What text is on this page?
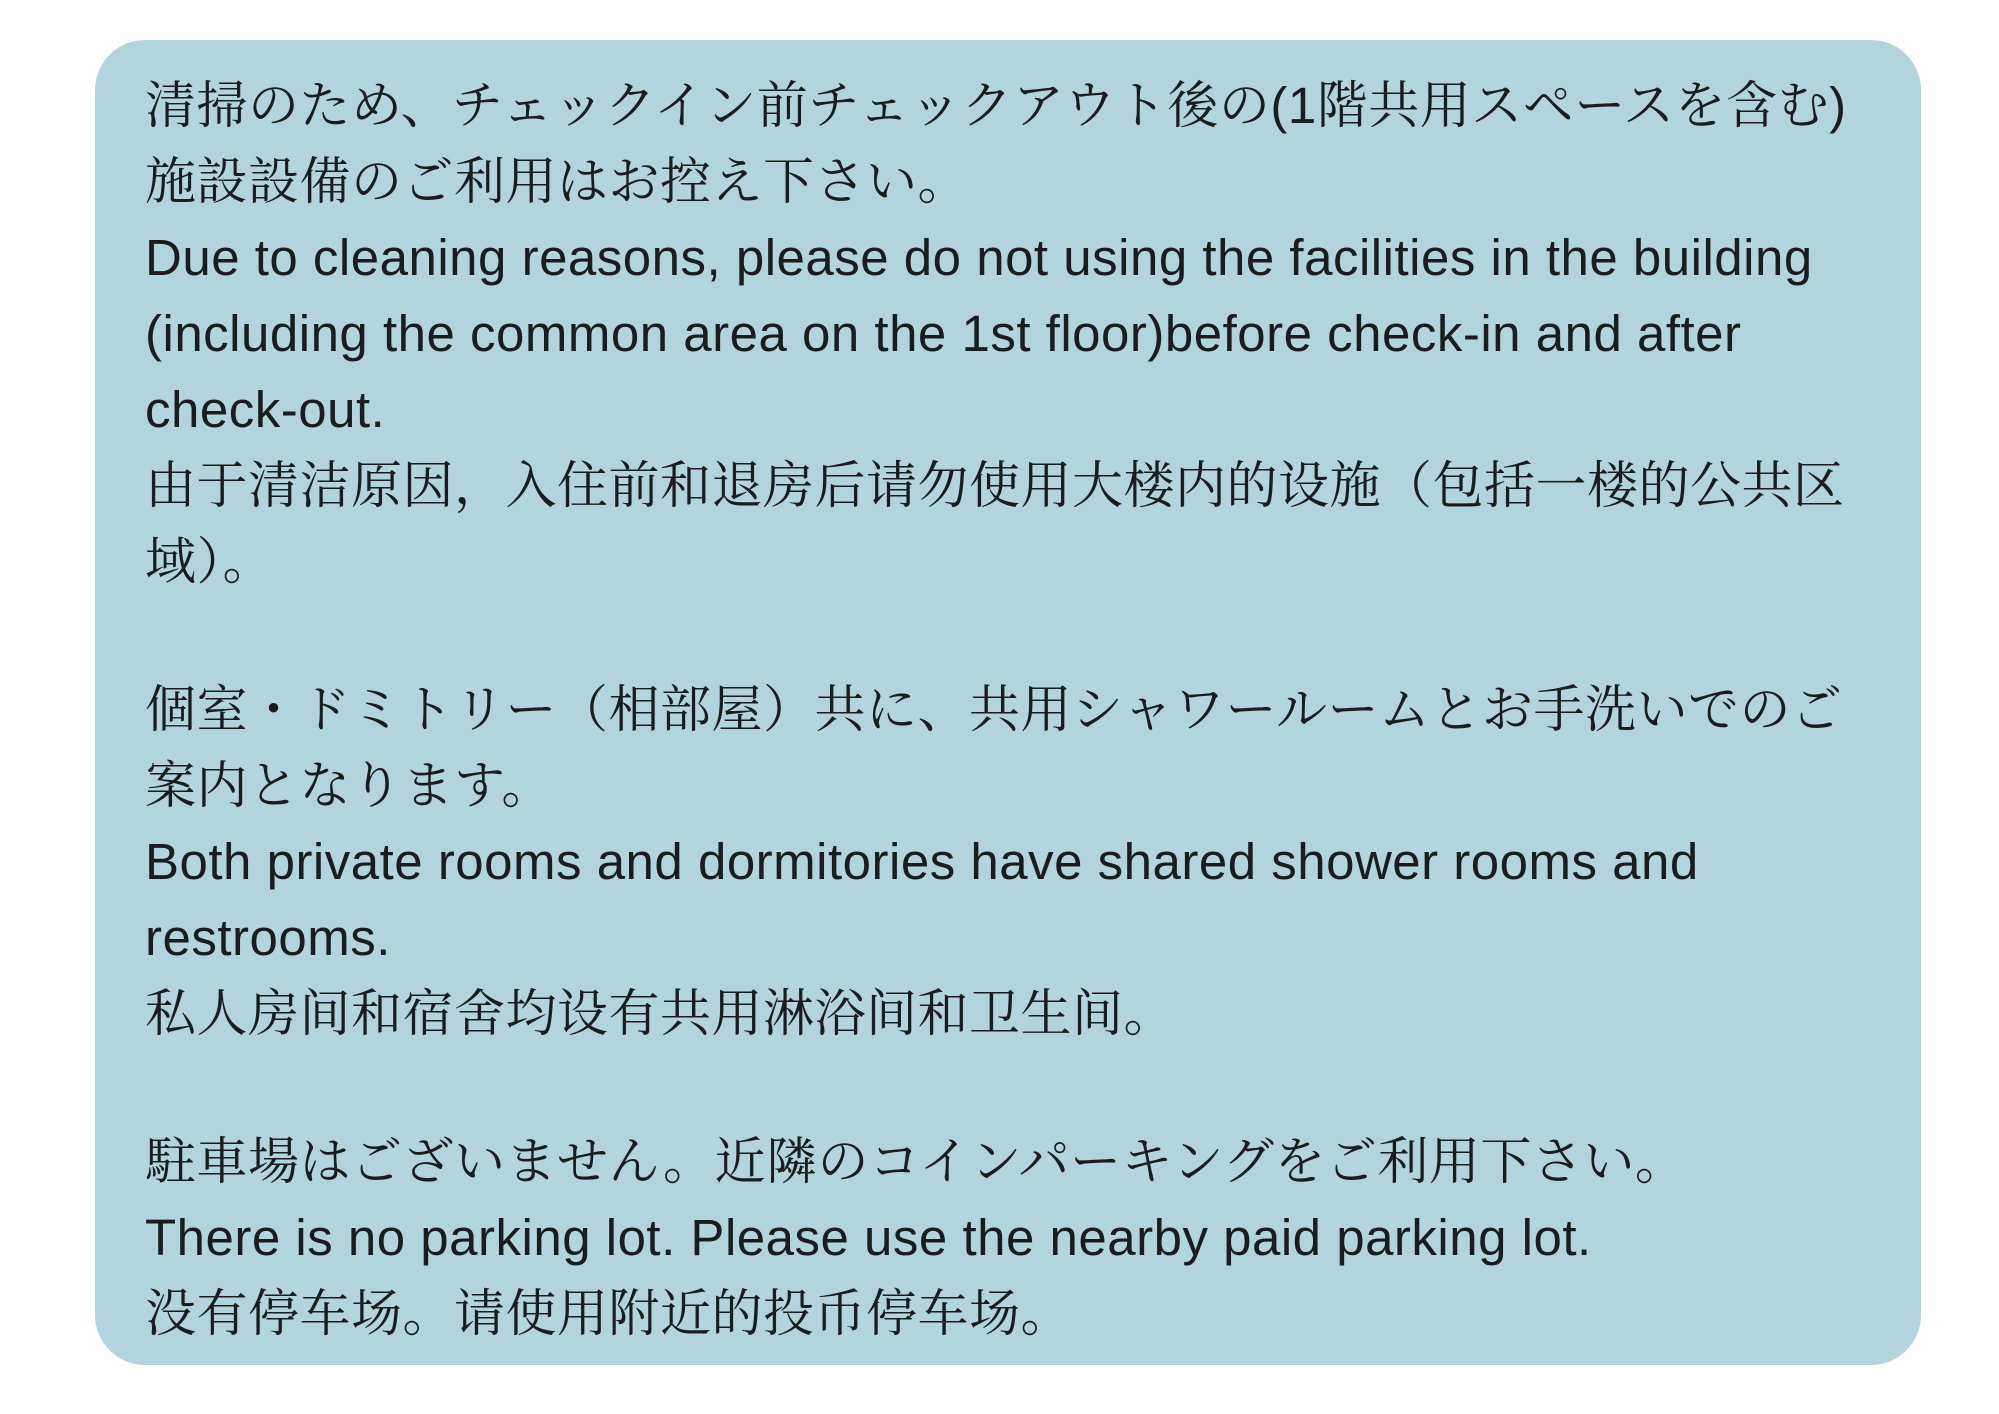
清掃のため、チェックイン前チェックアウト後の(1階共用スペースを含む)施設設備のご利用はお控え下さい。
Due to cleaning reasons, please do not using the facilities in the building (including the common area on the 1st floor)before check-in and after check-out.
由于清洁原因，入住前和退房后请勿使用大楼内的设施（包括一楼的公共区域）。
個室・ドミトリー（相部屋）共に、共用シャワールームとお手洗いでのご案内となります。
Both private rooms and dormitories have shared shower rooms and restrooms.
私人房间和宿舍均设有共用淋浴间和卫生间。
駐車場はございません。近隣のコインパーキングをご利用下さい。
There is no parking lot. Please use the nearby paid parking lot.
没有停车场。请使用附近的投币停车场。
